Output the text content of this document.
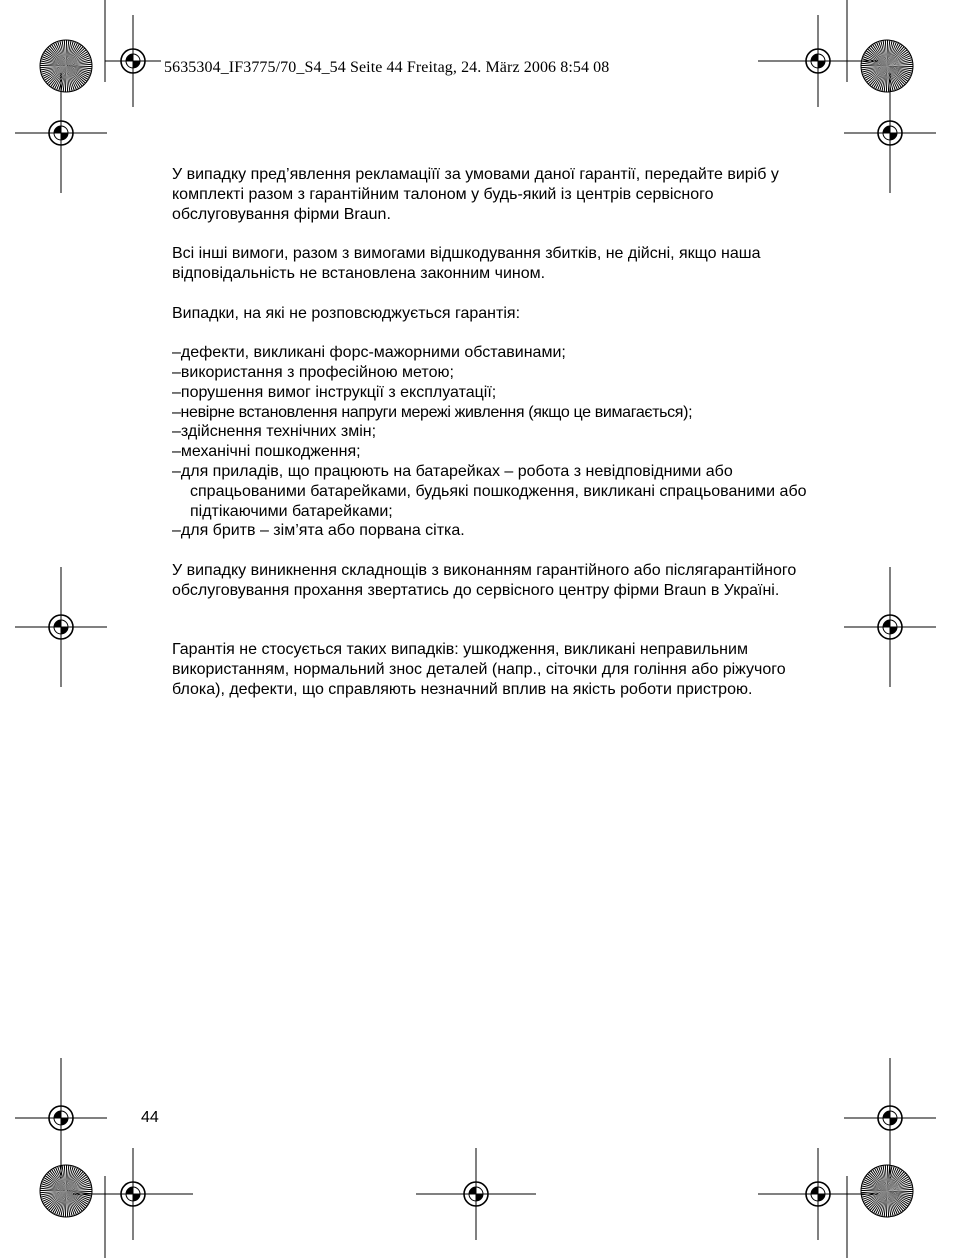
5635304_IF3775/70_S4_54 Seite 44 Freitag, 24. März 2006 8:54 08

У випадку пред’явлення рекламаціїї за умовами даної гарантії, передайте виріб у комплекті разом з гарантійним талоном у будь-який із центрів сервісного обслуговування фірми Braun.

Всі інші вимоги, разом з вимогами відшкодування збитків, не дійсні, якщо наша відповідальність не встановлена законним чином.

Випадки, на які не розповсюджується гарантія:

–дефекти, викликані форс-мажорними обставинами;
–використання з професійною метою;
–порушення вимог інструкції з експлуатації;
–невірне встановлення напруги мережі живлення (якщо це вимагається);
–здійснення технічних змін;
–механічні пошкодження;
–для приладів, що працюють на батарейках – робота з невідповідними або спрацьованими батарейками, будьякі пошкодження, викликані спрацьованими або підтікаючими батарейками;
–для бритв – зім’ята або порвана сітка.

У випадку виникнення складнощів з виконанням гарантійного або післягарантійного обслуговування прохання звертатись до сервісного центру фірми Braun в Україні.

Гарантія не стосується таких випадків: ушкодження, викликані неправильним використанням, нормальний знос деталей (напр., сіточки для гоління або ріжучого блока), дефекти, що справляють незначний вплив на якість роботи пристрою.

44
